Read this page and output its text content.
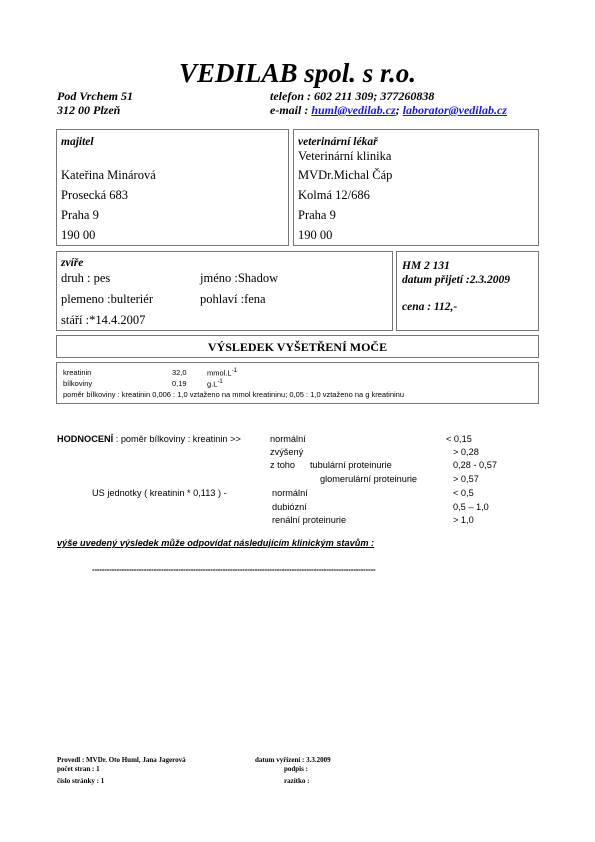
VEDILAB spol. s r.o.
Pod Vrchem 51
312 00 Plzeň
telefon : 602 211 309; 377260838
e-mail : huml@vedilab.cz; laborator@vedilab.cz
majitel
Kateřina Minárová
Prosecká 683
Praha 9
190 00
veterinární lékař
Veterinární klinika
MVDr.Michal Čáp
Kolmá 12/686
Praha 9
190 00
zvíře
druh : pes	jméno :Shadow
plemeno :bulteriér	pohlaví :fena
stáří :*14.4.2007
HM 2 131
datum přijetí :2.3.2009
cena : 112,-
VÝSLEDEK VYŠETŘENÍ MOČE
kreatinin	32,0	$mmol.L^{-1}$
bílkoviny	0,19	$g.L^{-1}$
poměr bílkoviny : kreatinin 0,006 : 1,0 vztaženo na mmol kreatininu; 0,05 : 1,0 vztaženo na g kreatininu
HODNOCENÍ : poměr bílkoviny : kreatinin >>	normální	< 0,15
zvýšený	> 0,28
z toho tubulární proteinurie	0,28 - 0,57
glomerulární proteinurie	> 0,57
US jednotky ( kreatinin * 0,113 ) -	normální	< 0,5
dubiózní	0,5 – 1,0
renální proteinurie	> 1,0
výše uvedený výsledek může odpovídat následujícím klinickým stavům :
-------------------------------------------------------------------------------------------------------------------
Provedl : MVDr. Oto Huml, Jana Jagerová	datum vyřízení : 3.3.2009
počet stran : 1	podpis :
číslo stránky : 1	razítko :
